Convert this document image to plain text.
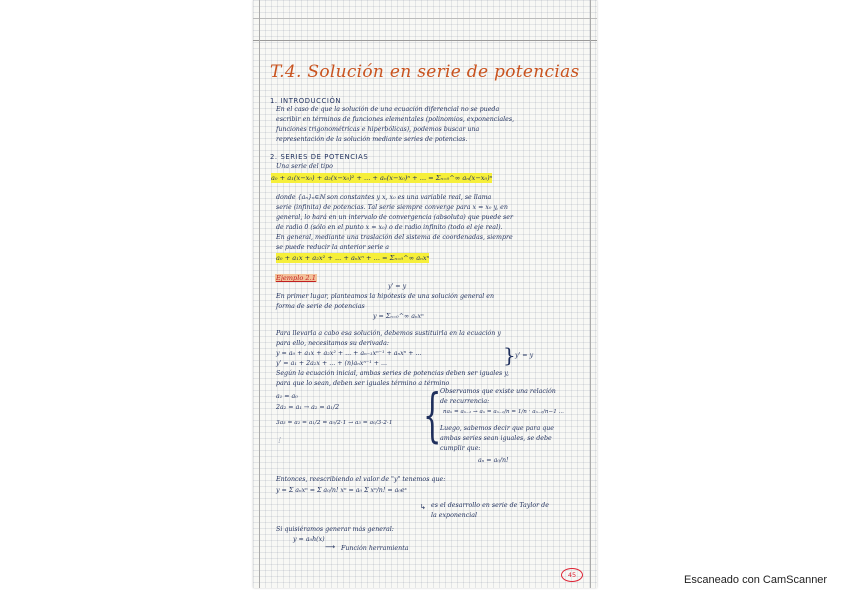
T.4. Solución en serie de potencias
1. INTRODUCCIÓN
En el caso de que la solución de una ecuación diferencial no se pueda
escribir en términos de funciones elementales (polinomios, exponenciales,
funciones trigonométricas e hiperbólicas), podemos buscar una
representación de la solución mediante series de potencias.
2. SERIES DE POTENCIAS
Una serie del tipo
a₀ + a₁(x−x₀) + a₂(x−x₀)² + ... + aₙ(x−x₀)ⁿ + ... = Σₙ₌₀^∞ aₙ(x−x₀)ⁿ
donde {aₙ}ₙ∈ℕ son constantes y x, x₀ es una variable real, se llama
serie (infinita) de potencias. Tal serie siempre converge para x = x₀ y, en
general, lo hará en un intervalo de convergencia (absoluta) que puede ser
de radio 0 (sólo en el punto x = x₀) o de radio infinito (todo el eje real).
En general, mediante una traslación del sistema de coordenadas, siempre
se puede reducir la anterior serie a
a₀ + a₁x + a₂x² + ... + aₙxⁿ + ... = Σₙ₌₀^∞ aₙxⁿ
Ejemplo 2.1
y' = y
En primer lugar, planteamos la hipótesis de una solución general en
forma de serie de potencias
y = Σₙ₌₀^∞ aₙxⁿ
Para llevarla a cabo esa solución, debemos sustituirla en la ecuación y
para ello, necesitamos su derivada:
y = a₀ + a₁x + a₂x² + ... + aₙ₋₁xⁿ⁻¹ + aₙxⁿ + ...
y' = a₁ + 2a₂x + ... + (n)aₙxⁿ⁻¹ + ...	} y' = y
Según la ecuación inicial, ambas series de potencias deben ser iguales y,
para que lo sean, deben ser iguales término a término
a₁ = a₀
2a₂ = a₁ → a₂ = a₁/2
3a₃ = a₂ = a₁/2 = a₀/2·1 → a₃ = a₀/3·2·1
⋮ {
Observamos que existe una relación
de recurrencia:
naₙ = aₙ₋₁ → aₙ = aₙ₋₁/n = 1/n · aₙ₋₂/n−1 ...
Luego, sabemos decir que para que
ambas series sean iguales, se debe
cumplir que:
aₙ = a₀/n!
Entonces, reescribiendo el valor de "y" tenemos que:
y = Σ aₙxⁿ = Σ a₀/n! xⁿ = a₀ Σ xⁿ/n! = a₀eˣ
↳ es el desarrollo en serie de Taylor de
la exponencial
Si quisiéramos generar más general:
y = a₀h(x)
⟶ Función herramienta
45	Escaneado con CamScanner
